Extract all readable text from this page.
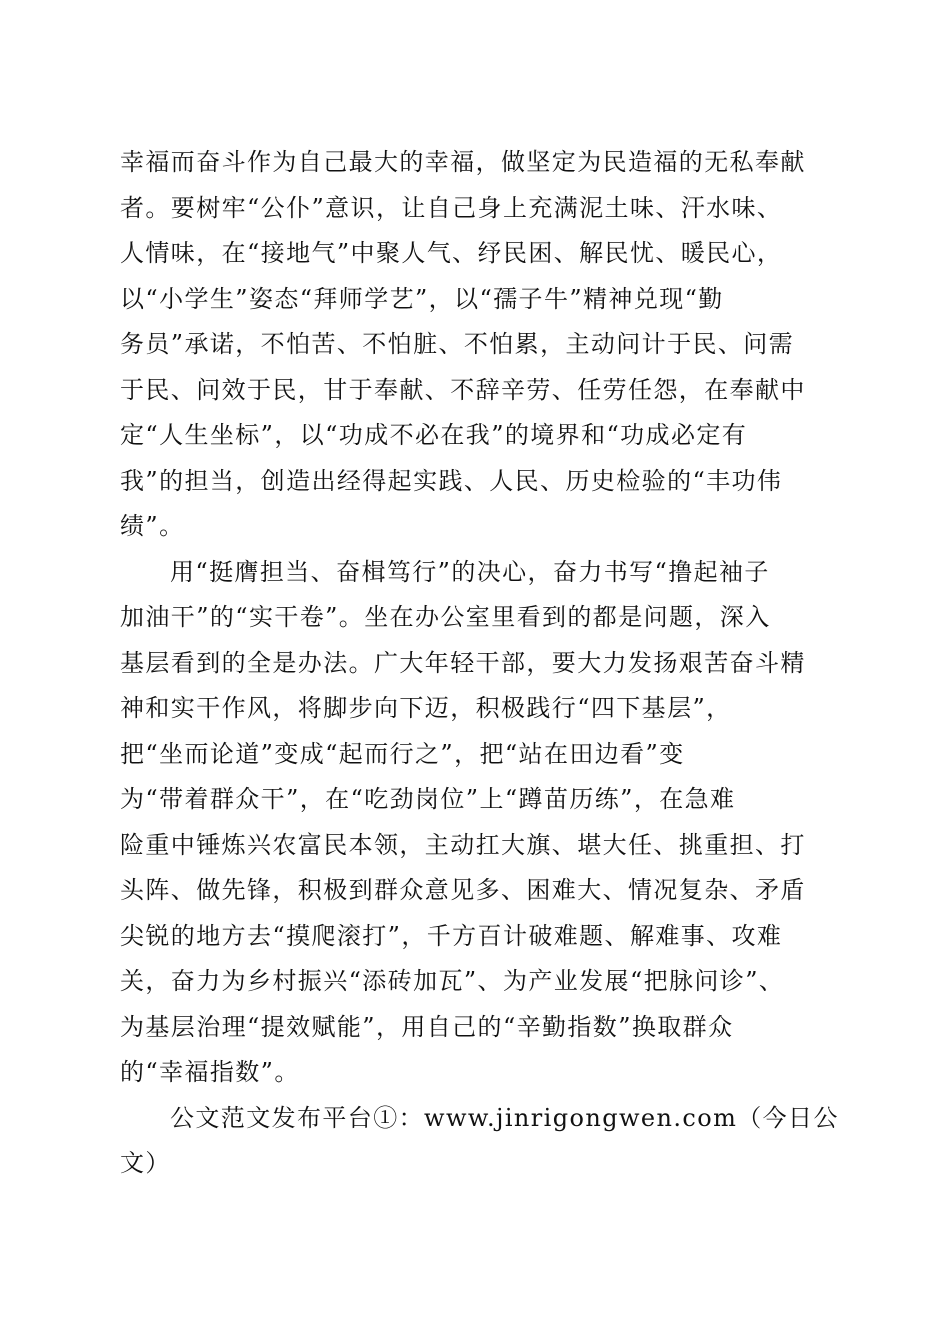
幸福而奋斗作为自己最大的幸福，做坚定为民造福的无私奉献
者。要树牢“公仆”意识，让自己身上充满泥土味、汗水味、
人情味，在“接地气”中聚人气、纾民困、解民忧、暖民心，
以“小学生”姿态“拜师学艺”，以“孺子牛”精神兑现“勤
务员”承诺，不怕苦、不怕脏、不怕累，主动问计于民、问需
于民、问效于民，甘于奉献、不辞辛劳、任劳任怨，在奉献中
定“人生坐标”，以“功成不必在我”的境界和“功成必定有
我”的担当，创造出经得起实践、人民、历史检验的“丰功伟
绩”。
用“挺膺担当、奋楫笃行”的决心，奋力书写“撸起袖子
加油干”的“实干卷”。坐在办公室里看到的都是问题，深入
基层看到的全是办法。广大年轻干部，要大力发扬艰苦奋斗精
神和实干作风，将脚步向下迈，积极践行“四下基层”，
把“坐而论道”变成“起而行之”，把“站在田边看”变
为“带着群众干”，在“吃劲岗位”上“蹲苗历练”，在急难
险重中锤炼兴农富民本领，主动扛大旗、堪大任、挑重担、打
头阵、做先锋，积极到群众意见多、困难大、情况复杂、矛盾
尖锐的地方去“摸爬滚打”，千方百计破难题、解难事、攻难
关，奋力为乡村振兴“添砖加瓦”、为产业发展“把脉问诊”、
为基层治理“提效赋能”，用自己的“辛勤指数”换取群众
的“幸福指数”。
公文范文发布平台①：www.jinrigongwen.com（今日公
文）
